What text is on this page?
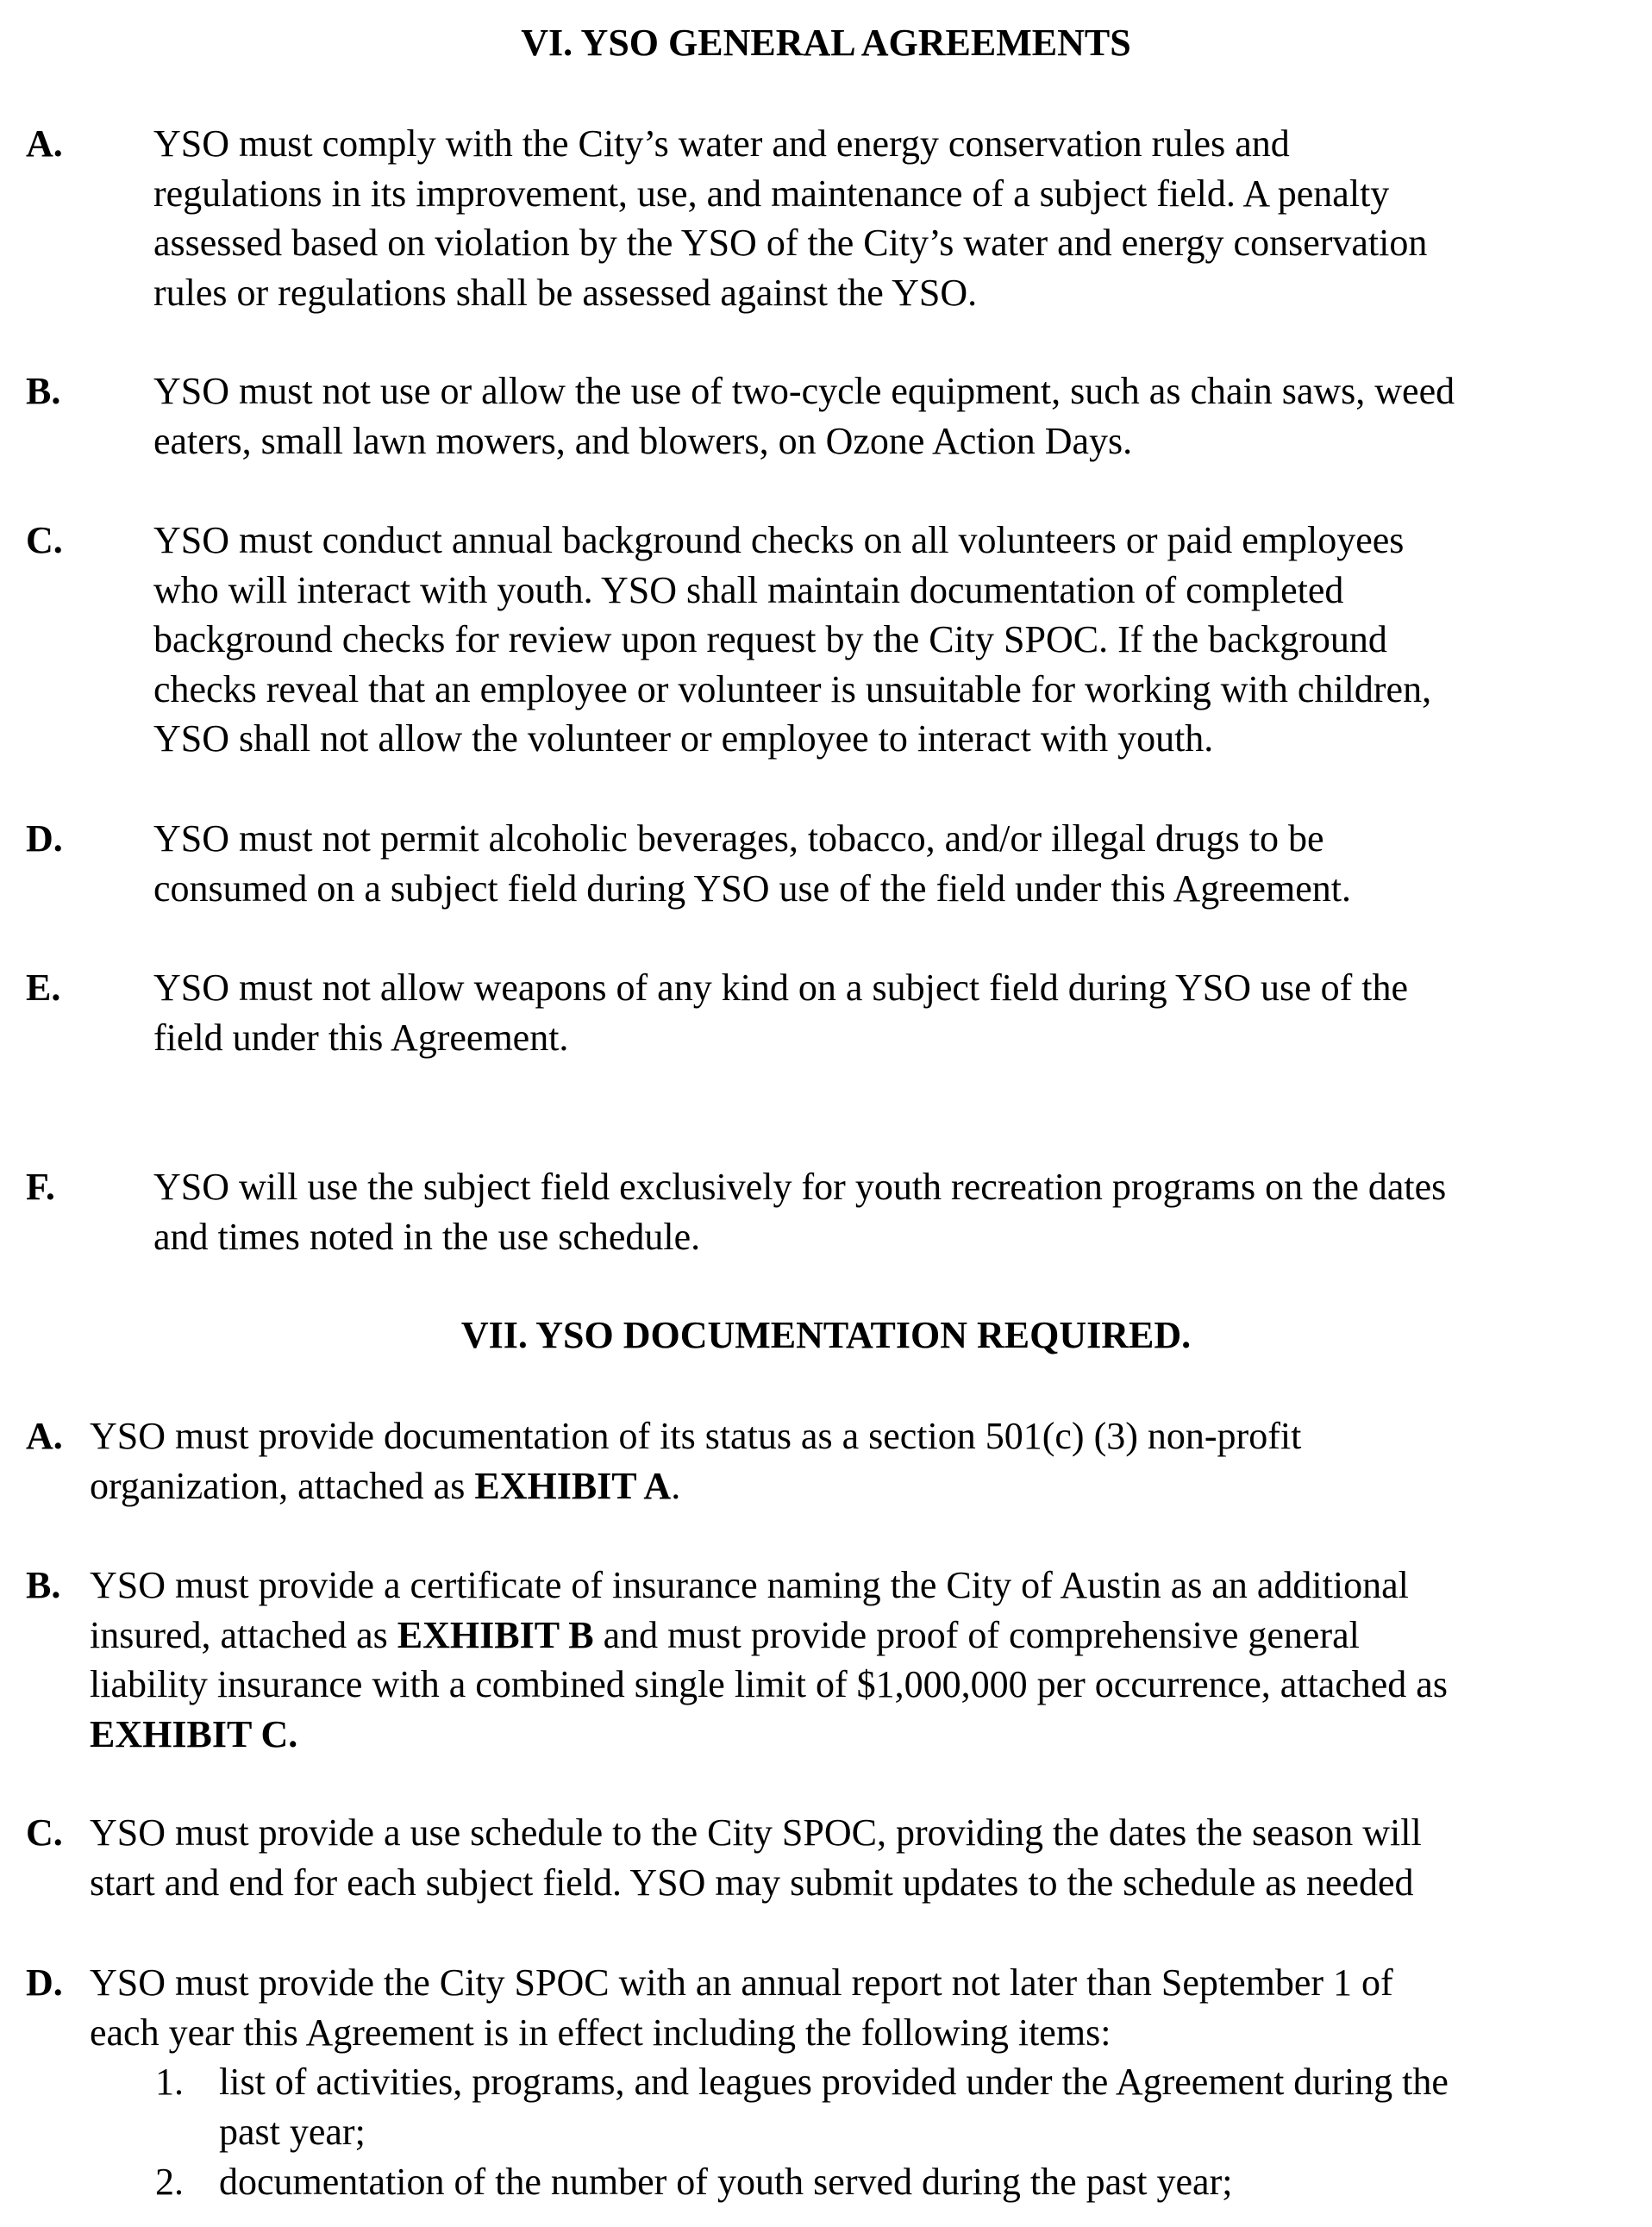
VI. YSO GENERAL AGREEMENTS
A. YSO must comply with the City’s water and energy conservation rules and
regulations in its improvement, use, and maintenance of a subject field. A penalty
assessed based on violation by the YSO of the City’s water and energy conservation
rules or regulations shall be assessed against the YSO.
B. YSO must not use or allow the use of two-cycle equipment, such as chain saws, weed
eaters, small lawn mowers, and blowers, on Ozone Action Days.
C. YSO must conduct annual background checks on all volunteers or paid employees
who will interact with youth. YSO shall maintain documentation of completed
background checks for review upon request by the City SPOC. If the background
checks reveal that an employee or volunteer is unsuitable for working with children,
YSO shall not allow the volunteer or employee to interact with youth.
D. YSO must not permit alcoholic beverages, tobacco, and/or illegal drugs to be
consumed on a subject field during YSO use of the field under this Agreement.
E. YSO must not allow weapons of any kind on a subject field during YSO use of the
field under this Agreement.
F.	YSO will use the subject field exclusively for youth recreation programs on the dates
and times noted in the use schedule.
VII. YSO DOCUMENTATION REQUIRED.
A. YSO must provide documentation of its status as a section 501(c) (3) non-profit
organization, attached as EXHIBIT A.
B. YSO must provide a certificate of insurance naming the City of Austin as an additional
insured, attached as EXHIBIT B and must provide proof of comprehensive general
liability insurance with a combined single limit of $1,000,000 per occurrence, attached as
EXHIBIT C.
C. YSO must provide a use schedule to the City SPOC, providing the dates the season will
start and end for each subject field. YSO may submit updates to the schedule as needed
D. YSO must provide the City SPOC with an annual report not later than September 1 of
each year this Agreement is in effect including the following items:
1. list of activities, programs, and leagues provided under the Agreement during the
past year;
2. documentation of the number of youth served during the past year;
